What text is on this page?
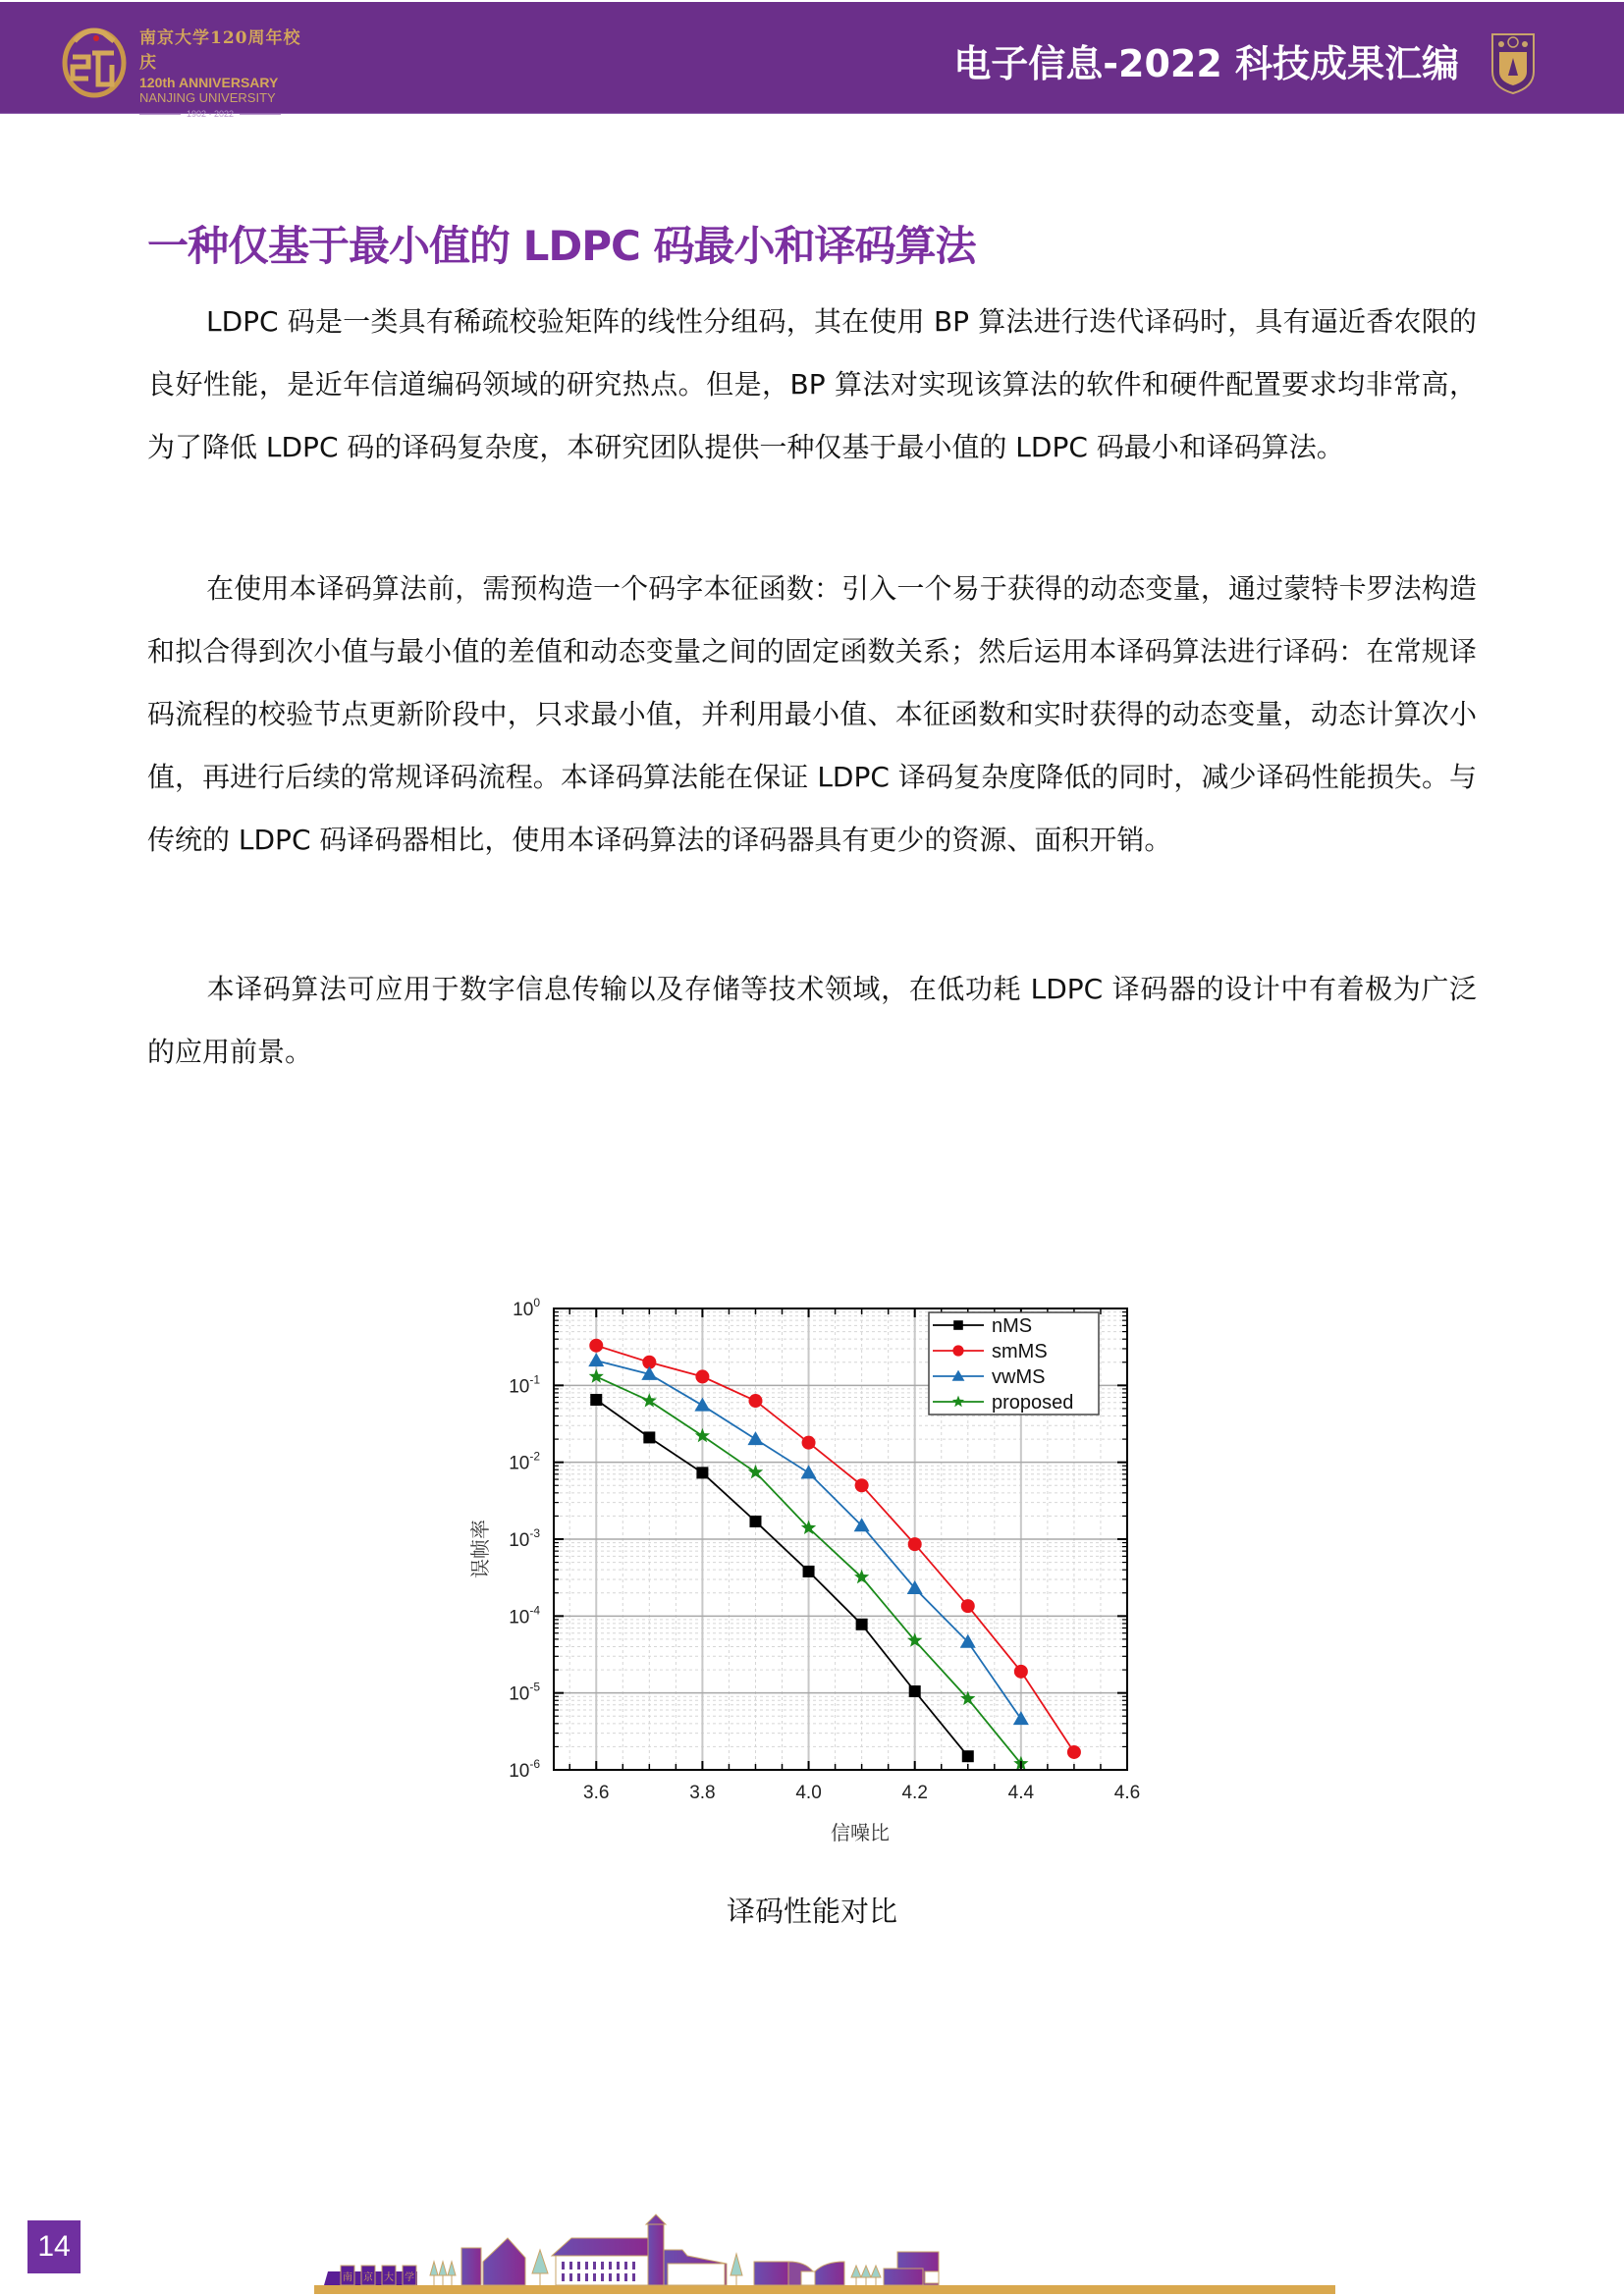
南京大学120周年校庆
120th ANNIVERSARY
NANJING UNIVERSITY
1902 - 2022
电子信息-2022 科技成果汇编
一种仅基于最小值的 LDPC 码最小和译码算法
LDPC 码是一类具有稀疏校验矩阵的线性分组码，其在使用 BP 算法进行迭代译码时，具有逼近香农限的良好性能，是近年信道编码领域的研究热点。但是，BP 算法对实现该算法的软件和硬件配置要求均非常高，为了降低 LDPC 码的译码复杂度，本研究团队提供一种仅基于最小值的 LDPC 码最小和译码算法。
在使用本译码算法前，需预构造一个码字本征函数：引入一个易于获得的动态变量，通过蒙特卡罗法构造和拟合得到次小值与最小值的差值和动态变量之间的固定函数关系；然后运用本译码算法进行译码：在常规译码流程的校验节点更新阶段中，只求最小值，并利用最小值、本征函数和实时获得的动态变量，动态计算次小值，再进行后续的常规译码流程。本译码算法能在保证 LDPC 译码复杂度降低的同时，减少译码性能损失。与传统的 LDPC 码译码器相比，使用本译码算法的译码器具有更少的资源、面积开销。
本译码算法可应用于数字信息传输以及存储等技术领域，在低功耗 LDPC 译码器的设计中有着极为广泛的应用前景。
3.6	3.8	4.0	4.2	4.4	4.6
$10^0$
$10^{-1}$
$10^{-2}$
$10^{-3}$
$10^{-4}$
$10^{-5}$
$10^{-6}$
信噪比
误帧率
nMS
smMS
vwMS
proposed
译码性能对比
14
南京大学
